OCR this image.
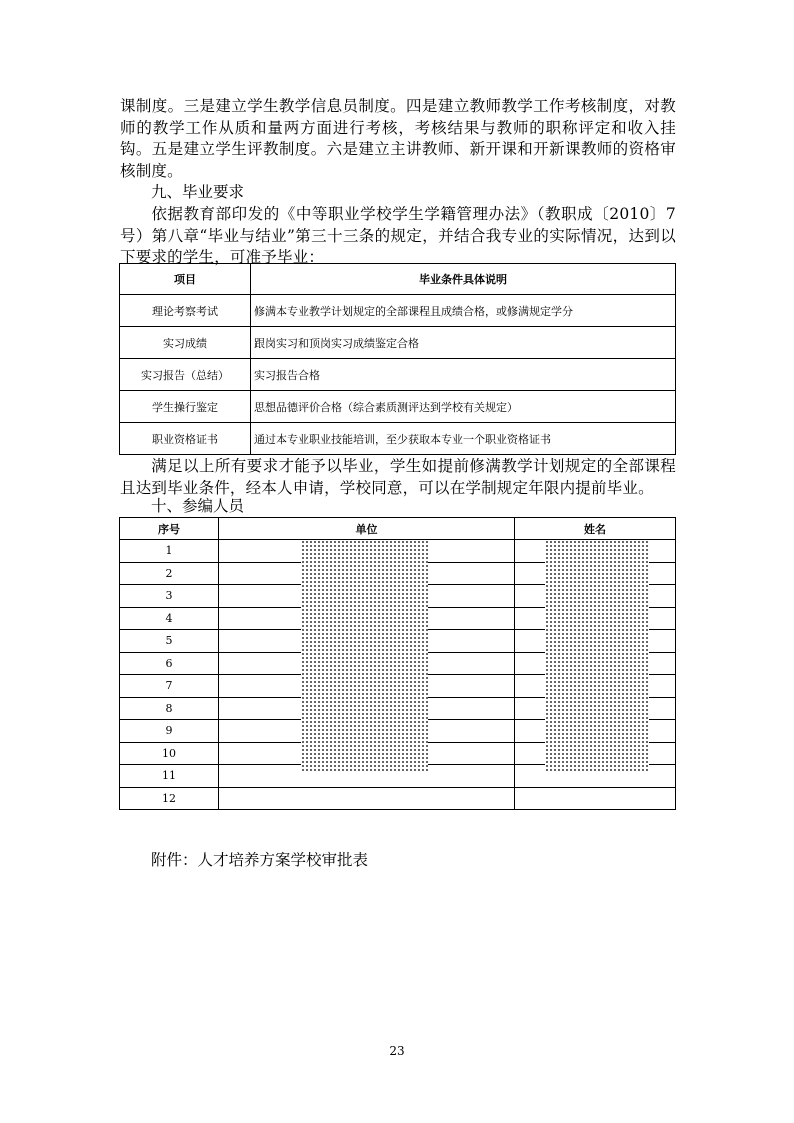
课制度。三是建立学生教学信息员制度。四是建立教师教学工作考核制度，对教师的教学工作从质和量两方面进行考核，考核结果与教师的职称评定和收入挂钩。五是建立学生评教制度。六是建立主讲教师、新开课和开新课教师的资格审核制度。

九、毕业要求

依据教育部印发的《中等职业学校学生学籍管理办法》（教职成〔2010〕7号）第八章“毕业与结业”第三十三条的规定，并结合我专业的实际情况，达到以下要求的学生，可准予毕业：

项目	毕业条件具体说明
理论考察考试	修满本专业教学计划规定的全部课程且成绩合格，或修满规定学分
实习成绩	跟岗实习和顶岗实习成绩鉴定合格
实习报告（总结）	实习报告合格
学生操行鉴定	思想品德评价合格（综合素质测评达到学校有关规定）
职业资格证书	通过本专业职业技能培训，至少获取本专业一个职业资格证书

满足以上所有要求才能予以毕业，学生如提前修满教学计划规定的全部课程且达到毕业条件，经本人申请，学校同意，可以在学制规定年限内提前毕业。

十、参编人员

序号	单位	姓名
1		
2		
3		
4		
5		
6		
7		
8		
9		
10		
11		
12		
附件：人才培养方案学校审批表
23
